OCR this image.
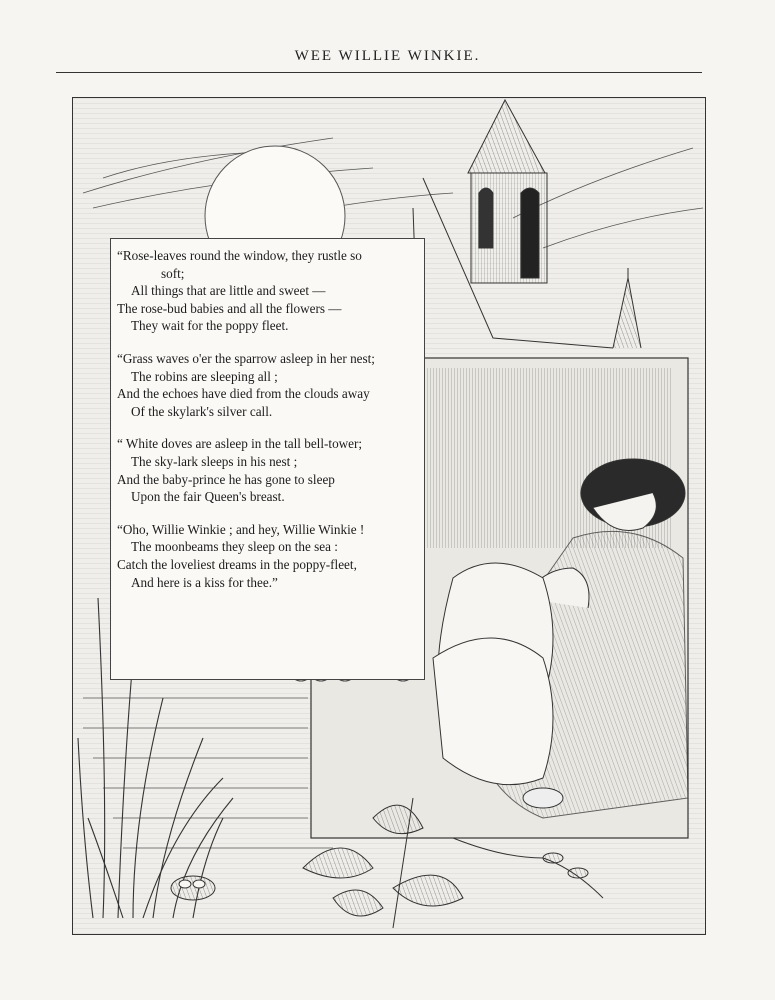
WEE WILLIE WINKIE.
“Rose-leaves round the window, they rustle so
soft;
All things that are little and sweet —
The rose-bud babies and all the flowers —
They wait for the poppy fleet.
“Grass waves o'er the sparrow asleep in her nest;
The robins are sleeping all ;
And the echoes have died from the clouds away
Of the skylark's silver call.
“ White doves are asleep in the tall bell-tower;
The sky-lark sleeps in his nest ;
And the baby-prince he has gone to sleep
Upon the fair Queen's breast.
“Oho, Willie Winkie ; and hey, Willie Winkie !
The moonbeams they sleep on the sea :
Catch the loveliest dreams in the poppy-fleet,
And here is a kiss for thee.”
